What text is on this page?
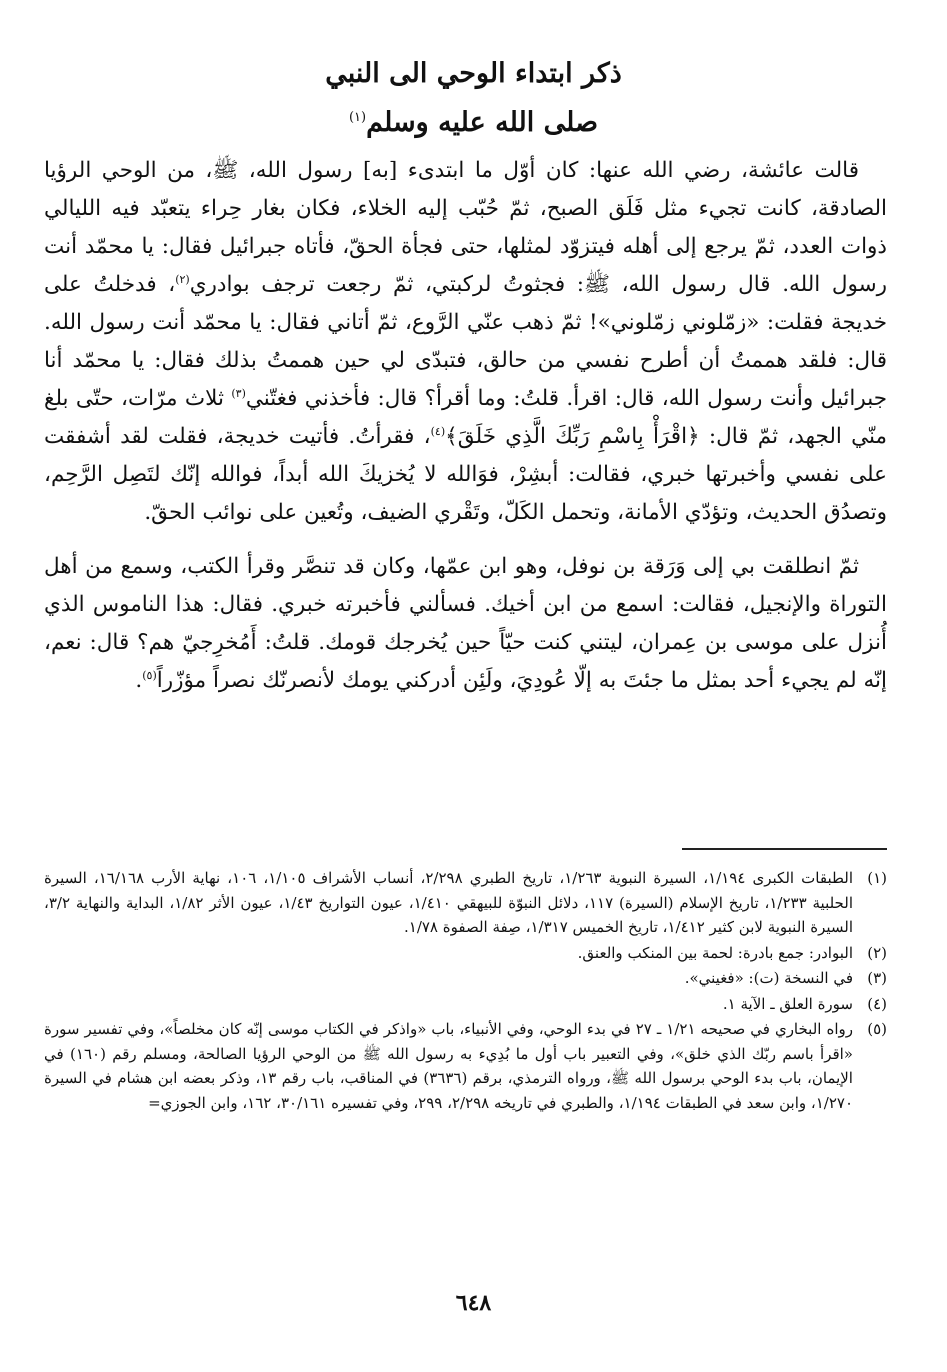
ذكر ابتداء الوحي الى النبي
صلى الله عليه وسلم$^{(١)}$

قالت عائشة، رضي الله عنها: كان أوّل ما ابتدىء [به] رسول الله، ﷺ، من الوحي الرؤيا الصادقة، كانت تجيء مثل فَلَق الصبح، ثمّ حُبّب إليه الخلاء، فكان بغار حِراء يتعبّد فيه الليالي ذوات العدد، ثمّ يرجع إلى أهله فيتزوّد لمثلها، حتى فجأة الحقّ، فأتاه جبرائيل فقال: يا محمّد أنت رسول الله. قال رسول الله، ﷺ: فجثوتُ لركبتي، ثمّ رجعت ترجف بوادري$^{(٢)}$، فدخلتُ على خديجة فقلت: «زمّلوني زمّلوني»! ثمّ ذهب عنّي الرَّوع، ثمّ أتاني فقال: يا محمّد أنت رسول الله. قال: فلقد هممتُ أن أطرح نفسي من حالق، فتبدّى لي حين هممتُ بذلك فقال: يا محمّد أنا جبرائيل وأنت رسول الله، قال: اقرأ. قلتُ: وما أقرأ؟ قال: فأخذني فغتّني$^{(٣)}$ ثلاث مرّات، حتّى بلغ منّي الجهد، ثمّ قال: ﴿اقْرَأْ بِاسْمِ رَبِّكَ الَّذِي خَلَقَ﴾$^{(٤)}$، فقرأتُ. فأتيت خديجة، فقلت لقد أشفقت على نفسي وأخبرتها خبري، فقالت: أبشِرْ، فوَالله لا يُخزيكَ الله أبداً، فوالله إنّك لتَصِل الرَّحِم، وتصدُق الحديث، وتؤدّي الأمانة، وتحمل الكَلّ، وتَقْري الضيف، وتُعين على نوائب الحقّ.

ثمّ انطلقت بي إلى وَرَقة بن نوفل، وهو ابن عمّها، وكان قد تنصَّر وقرأ الكتب، وسمع من أهل التوراة والإنجيل، فقالت: اسمع من ابن أخيك. فسألني فأخبرته خبري. فقال: هذا الناموس الذي أُنزل على موسى بن عِمران، ليتني كنت حيّاً حين يُخرجك قومك. قلتُ: أَمُخرِجيّ هم؟ قال: نعم، إنّه لم يجيء أحد بمثل ما جئتَ به إلّا عُودِيَ، ولَئِن أدركني يومك لأنصرنّك نصراً مؤزّراً$^{(٥)}$.

(١)
الطبقات الكبرى ١/١٩٤، السيرة النبوية ١/٢٦٣، تاريخ الطبري ٢/٢٩٨، أنساب الأشراف ١/١٠٥، ١٠٦، نهاية الأرب ١٦/١٦٨، السيرة الحلبية ١/٢٣٣، تاريخ الإسلام (السيرة) ١١٧، دلائل النبوّة للبيهقي ١/٤١٠، عيون التواريخ ١/٤٣، عيون الأثر ١/٨٢، البداية والنهاية ٣/٢، السيرة النبوية لابن كثير ١/٤١٢، تاريخ الخميس ١/٣١٧، صِفة الصفوة ١/٧٨.
(٢)
البوادر: جمع بادرة: لحمة بين المنكب والعنق.
(٣)
في النسخة (ت): «فغيني».
(٤)
سورة العلق ـ الآية ١.
(٥)
رواه البخاري في صحيحه ١/٢١ ـ ٢٧ في بدء الوحي، وفي الأنبياء، باب «واذكر في الكتاب موسى إنّه كان مخلصاً»، وفي تفسير سورة «اقرأ باسم ربّك الذي خلق»، وفي التعبير باب أول ما بُدِيء به رسول الله ﷺ من الوحي الرؤيا الصالحة، ومسلم رقم (١٦٠) في الإيمان، باب بدء الوحي برسول الله ﷺ، ورواه الترمذي، برقم (٣٦٣٦) في المناقب، باب رقم ١٣، وذكر بعضه ابن هشام في السيرة ١/٢٧٠، وابن سعد في الطبقات ١/١٩٤، والطبري في تاريخه ٢/٢٩٨، ٢٩٩، وفي تفسيره ٣٠/١٦١، ١٦٢، وابن الجوزي=
٦٤٨
